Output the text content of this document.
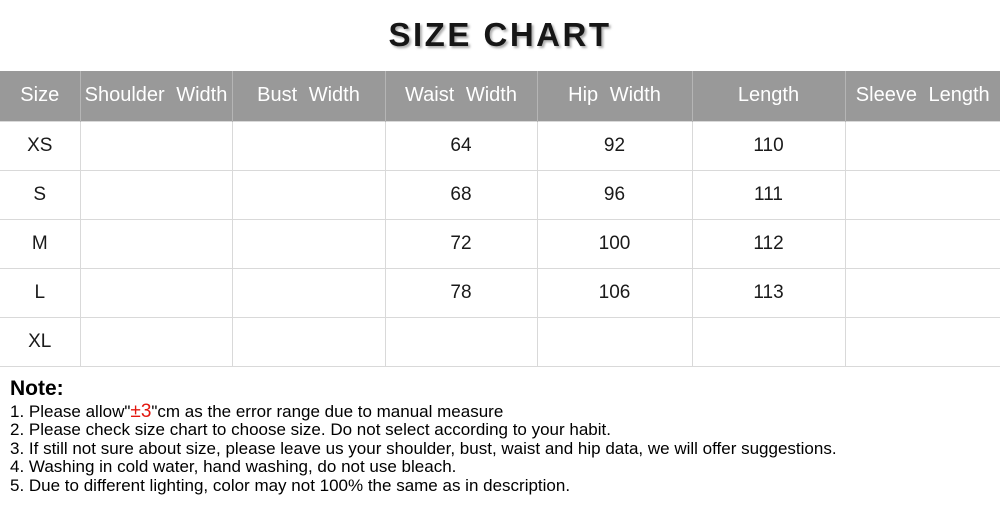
SIZE CHART
Size	Shoulder Width	Bust Width	Waist Width	Hip Width	Length	Sleeve Length
XS			64	92	110	
S			68	96	111	
M			72	100	112	
L			78	106	113	
XL						
Note:
1. Please allow"±3"cm as the error range due to manual measure
2. Please check size chart to choose size. Do not select according to your habit.
3. If still not sure about size, please leave us your shoulder, bust, waist and hip data, we will offer suggestions.
4. Washing in cold water, hand washing, do not use bleach.
5. Due to different lighting, color may not 100% the same as in description.
